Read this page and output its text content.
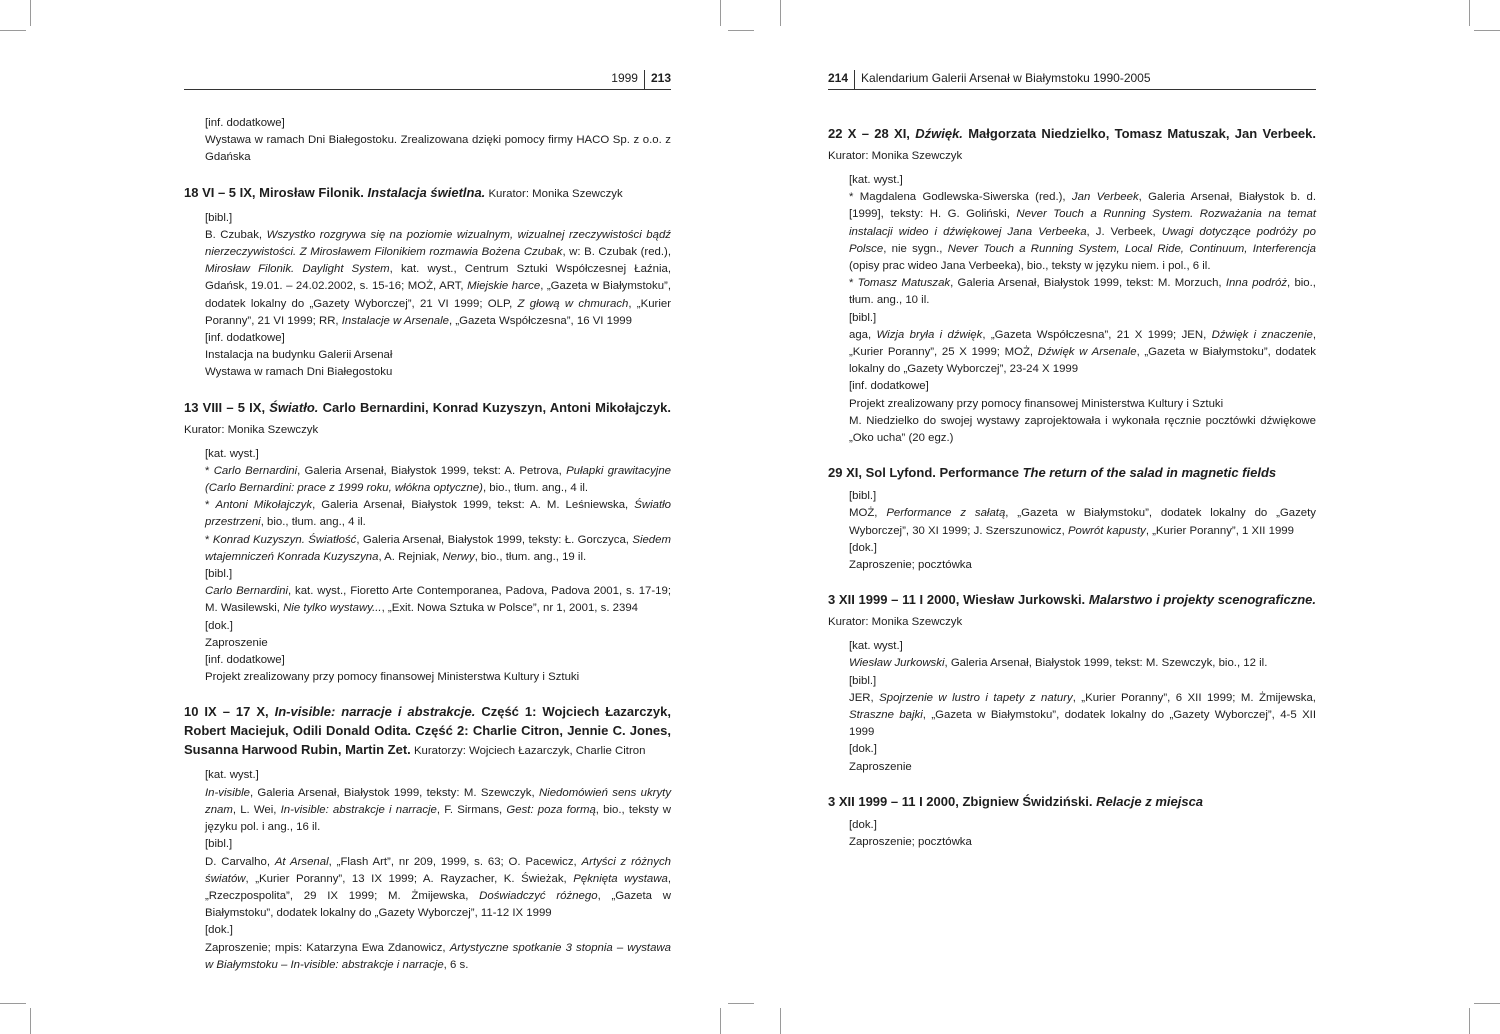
1999 213
[inf. dodatkowe]
Wystawa w ramach Dni Białegostoku. Zrealizowana dzięki pomocy firmy HACO Sp. z o.o. z Gdańska
18 VI – 5 IX, Mirosław Filonik. Instalacja świetlna. Kurator: Monika Szewczyk
[bibl.]
B. Czubak, Wszystko rozgrywa się na poziomie wizualnym, wizualnej rzeczywistości bądź nierzeczywistości. Z Mirosławem Filonikiem rozmawia Bożena Czubak, w: B. Czubak (red.), Mirosław Filonik. Daylight System, kat. wyst., Centrum Sztuki Współczesnej Łaźnia, Gdańsk, 19.01. – 24.02.2002, s. 15-16; MOŻ, ART, Miejskie harce, „Gazeta w Białymstoku”, dodatek lokalny do „Gazety Wyborczej”, 21 VI 1999; OLP, Z głową w chmurach, „Kurier Poranny”, 21 VI 1999; RR, Instalacje w Arsenale, „Gazeta Współczesna”, 16 VI 1999
[inf. dodatkowe]
Instalacja na budynku Galerii Arsenał
Wystawa w ramach Dni Białegostoku
13 VIII – 5 IX, Światło. Carlo Bernardini, Konrad Kuzyszyn, Antoni Mikołajczyk. Kurator: Monika Szewczyk
[kat. wyst.]
* Carlo Bernardini, Galeria Arsenał, Białystok 1999, tekst: A. Petrova, Pułapki grawitacyjne (Carlo Bernardini: prace z 1999 roku, włókna optyczne), bio., tłum. ang., 4 il.
* Antoni Mikołajczyk, Galeria Arsenał, Białystok 1999, tekst: A. M. Leśniewska, Światło przestrzeni, bio., tłum. ang., 4 il.
* Konrad Kuzyszyn. Światłość, Galeria Arsenał, Białystok 1999, teksty: Ł. Gorczyca, Siedem wtajemniczeń Konrada Kuzyszyna, A. Rejniak, Nerwy, bio., tłum. ang., 19 il.
[bibl.]
Carlo Bernardini, kat. wyst., Fioretto Arte Contemporanea, Padova, Padova 2001, s. 17-19; M. Wasilewski, Nie tylko wystawy..., „Exit. Nowa Sztuka w Polsce”, nr 1, 2001, s. 2394
[dok.]
Zaproszenie
[inf. dodatkowe]
Projekt zrealizowany przy pomocy finansowej Ministerstwa Kultury i Sztuki
10 IX – 17 X, In-visible: narracje i abstrakcje. Część 1: Wojciech Łazarczyk, Robert Maciejuk, Odili Donald Odita. Część 2: Charlie Citron, Jennie C. Jones, Susanna Harwood Rubin, Martin Zet. Kuratorzy: Wojciech Łazarczyk, Charlie Citron
[kat. wyst.]
In-visible, Galeria Arsenał, Białystok 1999, teksty: M. Szewczyk, Niedomówień sens ukryty znam, L. Wei, In-visible: abstrakcje i narracje, F. Sirmans, Gest: poza formą, bio., teksty w języku pol. i ang., 16 il.
[bibl.]
D. Carvalho, At Arsenal, „Flash Art”, nr 209, 1999, s. 63; O. Pacewicz, Artyści z różnych światów, „Kurier Poranny”, 13 IX 1999; A. Rayzacher, K. Świeżak, Pęknięta wystawa, „Rzeczpospolita”, 29 IX 1999; M. Żmijewska, Doświadczyć różnego, „Gazeta w Białymstoku”, dodatek lokalny do „Gazety Wyborczej”, 11-12 IX 1999
[dok.]
Zaproszenie; mpis: Katarzyna Ewa Zdanowicz, Artystyczne spotkanie 3 stopnia – wystawa w Białymstoku – In-visible: abstrakcje i narracje, 6 s.
214 Kalendarium Galerii Arsenał w Białymstoku 1990-2005
22 X – 28 XI, Dźwięk. Małgorzata Niedzielko, Tomasz Matuszak, Jan Verbeek. Kurator: Monika Szewczyk
[kat. wyst.]
* Magdalena Godlewska-Siwerska (red.), Jan Verbeek, Galeria Arsenał, Białystok b. d. [1999], teksty: H. G. Goliński, Never Touch a Running System. Rozważania na temat instalacji wideo i dźwiękowej Jana Verbeeka, J. Verbeek, Uwagi dotyczące podróży po Polsce, nie sygn., Never Touch a Running System, Local Ride, Continuum, Interferencja (opisy prac wideo Jana Verbeeka), bio., teksty w języku niem. i pol., 6 il.
* Tomasz Matuszak, Galeria Arsenał, Białystok 1999, tekst: M. Morzuch, Inna podróż, bio., tłum. ang., 10 il.
[bibl.]
aga, Wizja bryła i dźwięk, „Gazeta Współczesna”, 21 X 1999; JEN, Dźwięk i znaczenie, „Kurier Poranny”, 25 X 1999; MOŻ, Dźwięk w Arsenale, „Gazeta w Białymstoku”, dodatek lokalny do „Gazety Wyborczej”, 23-24 X 1999
[inf. dodatkowe]
Projekt zrealizowany przy pomocy finansowej Ministerstwa Kultury i Sztuki
M. Niedzielko do swojej wystawy zaprojektowała i wykonała ręcznie pocztówki dźwiękowe „Oko ucha” (20 egz.)
29 XI, Sol Lyfond. Performance The return of the salad in magnetic fields
[bibl.]
MOŻ, Performance z sałatą, „Gazeta w Białymstoku”, dodatek lokalny do „Gazety Wyborczej”, 30 XI 1999; J. Szerszunowicz, Powrót kapusty, „Kurier Poranny”, 1 XII 1999
[dok.]
Zaproszenie; pocztówka
3 XII 1999 – 11 I 2000, Wiesław Jurkowski. Malarstwo i projekty scenograficzne. Kurator: Monika Szewczyk
[kat. wyst.]
Wiesław Jurkowski, Galeria Arsenał, Białystok 1999, tekst: M. Szewczyk, bio., 12 il.
[bibl.]
JER, Spojrzenie w lustro i tapety z natury, „Kurier Poranny”, 6 XII 1999; M. Żmijewska, Straszne bajki, „Gazeta w Białymstoku”, dodatek lokalny do „Gazety Wyborczej”, 4-5 XII 1999
[dok.]
Zaproszenie
3 XII 1999 – 11 I 2000, Zbigniew Świdziński. Relacje z miejsca
[dok.]
Zaproszenie; pocztówka
